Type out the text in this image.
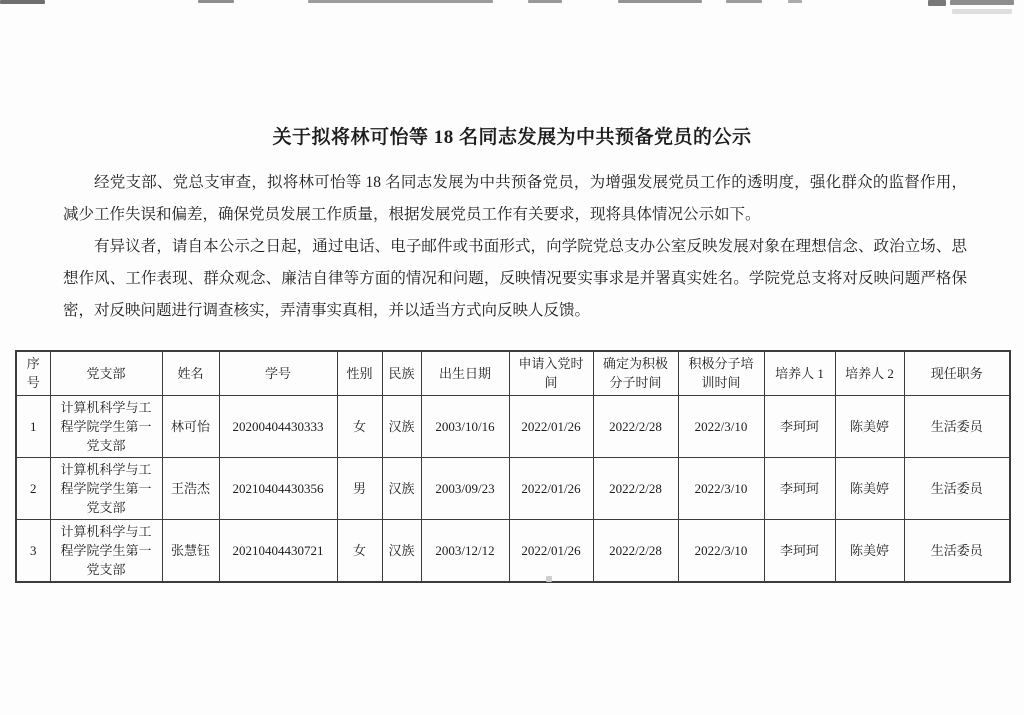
关于拟将林可怡等 18 名同志发展为中共预备党员的公示

经党支部、党总支审查，拟将林可怡等 18 名同志发展为中共预备党员，为增强发展党员工作的透明度，强化群众的监督作用，减少工作失误和偏差，确保党员发展工作质量，根据发展党员工作有关要求，现将具体情况公示如下。

有异议者，请自本公示之日起，通过电话、电子邮件或书面形式，向学院党总支办公室反映发展对象在理想信念、政治立场、思想作风、工作表现、群众观念、廉洁自律等方面的情况和问题，反映情况要实事求是并署真实姓名。学院党总支将对反映问题严格保密，对反映问题进行调查核实，弄清事实真相，并以适当方式向反映人反馈。

序号	党支部	姓名	学号	性别	民族	出生日期	申请入党时间	确定为积极分子时间	积极分子培训时间	培养人 1	培养人 2	现任职务
1	计算机科学与工程学院学生第一党支部	林可怡	20200404430333	女	汉族	2003/10/16	2022/01/26	2022/2/28	2022/3/10	李珂珂	陈美婷	生活委员
2	计算机科学与工程学院学生第一党支部	王浩杰	20210404430356	男	汉族	2003/09/23	2022/01/26	2022/2/28	2022/3/10	李珂珂	陈美婷	生活委员
3	计算机科学与工程学院学生第一党支部	张慧钰	20210404430721	女	汉族	2003/12/12	2022/01/26	2022/2/28	2022/3/10	李珂珂	陈美婷	生活委员
